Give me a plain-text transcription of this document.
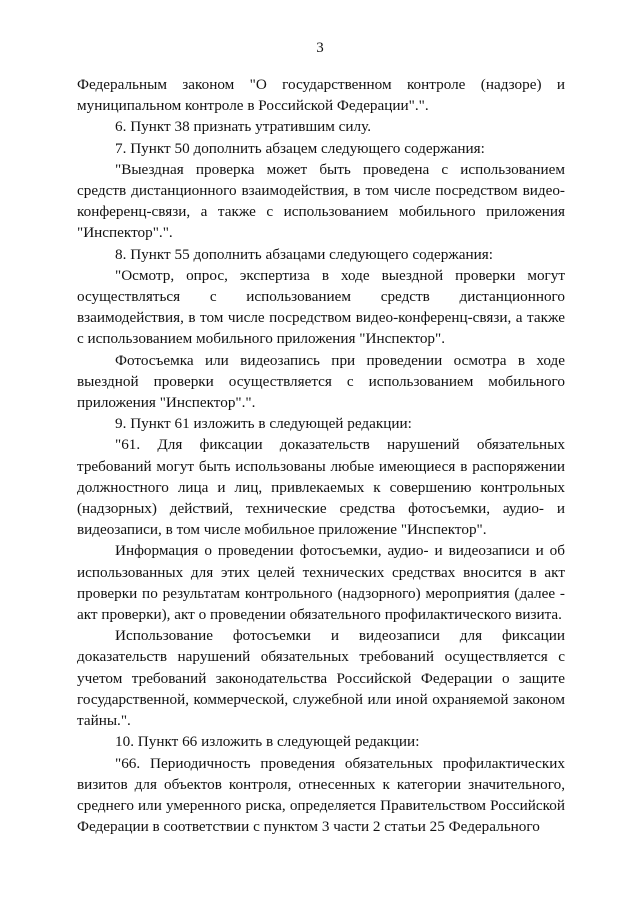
3

Федеральным законом "О государственном контроле (надзоре) и муниципальном контроле в Российской Федерации".".

6. Пункт 38 признать утратившим силу.

7. Пункт 50 дополнить абзацем следующего содержания:

"Выездная проверка может быть проведена с использованием средств дистанционного взаимодействия, в том числе посредством видео-конференц-связи, а также с использованием мобильного приложения "Инспектор".".

8. Пункт 55 дополнить абзацами следующего содержания:

"Осмотр, опрос, экспертиза в ходе выездной проверки могут осуществляться с использованием средств дистанционного взаимодействия, в том числе посредством видео-конференц-связи, а также с использованием мобильного приложения "Инспектор".

Фотосъемка или видеозапись при проведении осмотра в ходе выездной проверки осуществляется с использованием мобильного приложения "Инспектор".".

9. Пункт 61 изложить в следующей редакции:

"61. Для фиксации доказательств нарушений обязательных требований могут быть использованы любые имеющиеся в распоряжении должностного лица и лиц, привлекаемых к совершению контрольных (надзорных) действий, технические средства фотосъемки, аудио- и видеозаписи, в том числе мобильное приложение "Инспектор".

Информация о проведении фотосъемки, аудио- и видеозаписи и об использованных для этих целей технических средствах вносится в акт проверки по результатам контрольного (надзорного) мероприятия (далее - акт проверки), акт о проведении обязательного профилактического визита.

Использование фотосъемки и видеозаписи для фиксации доказательств нарушений обязательных требований осуществляется с учетом требований законодательства Российской Федерации о защите государственной, коммерческой, служебной или иной охраняемой законом тайны.".

10. Пункт 66 изложить в следующей редакции:

"66. Периодичность проведения обязательных профилактических визитов для объектов контроля, отнесенных к категории значительного, среднего или умеренного риска, определяется Правительством Российской Федерации в соответствии с пунктом 3 части 2 статьи 25 Федерального
